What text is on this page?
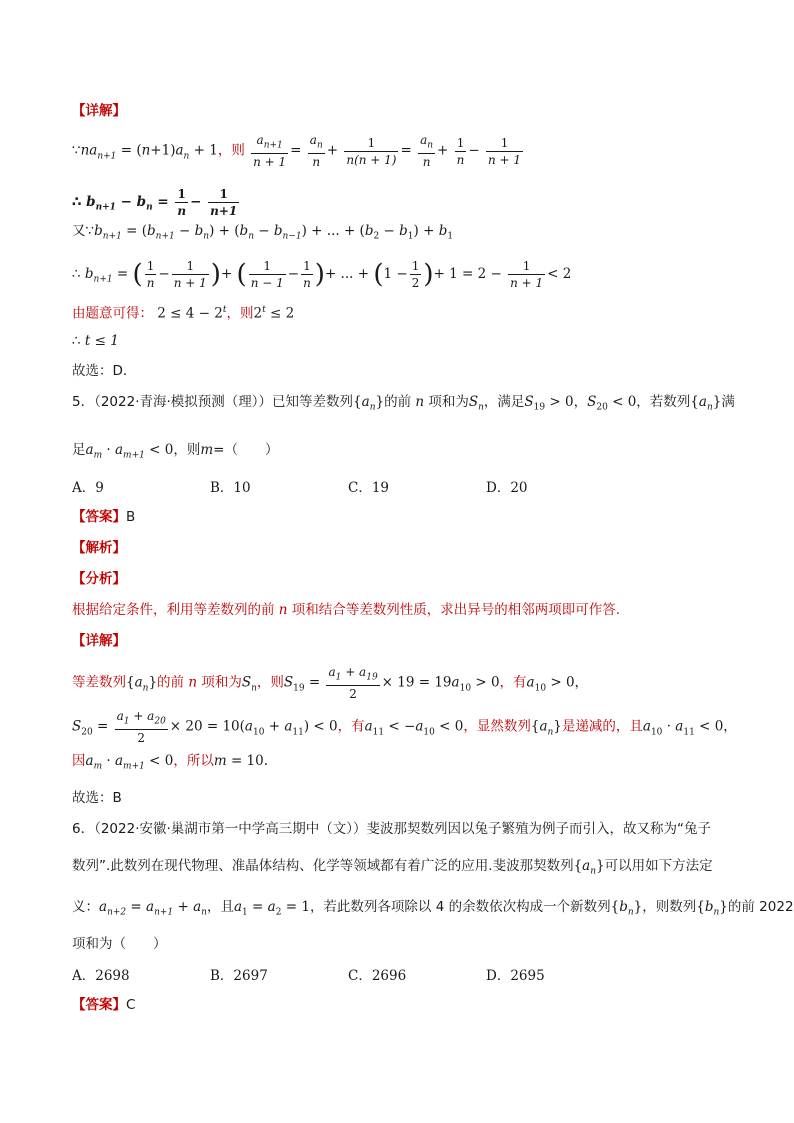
【详解】
$\because na_{n+1} = (n+1)a_n + 1$，则 $\frac{a_{n+1}}{n + 1} = \frac{a_n}{n} + \frac{1}{n(n + 1)} = \frac{a_n}{n} + \frac{1}{n} - \frac{1}{n + 1}$
∴ $b_{n+1} - b_n = \frac{1}{n} - \frac{1}{n+1}$
又$\because b_{n+1} = (b_{n+1} - b_n) + (b_n - b_{n-1})$ + ... + $(b_2 - b_1) + b_1$
∴ $b_{n+1}$ = ( $\frac{1}{n} - \frac{1}{n + 1}$ )+ ( $\frac{1}{n - 1} - \frac{1}{n}$ )+ ... + ($1 - \frac{1}{2}$ )+ $1 = 2 - \frac{1}{n + 1} < 2$
由题意可得： $2 \le 4 - 2^t$，则$2^t \le 2$
∴ t ≤ 1
故选：D．
5．（2022·青海·模拟预测（理））已知等差数列$\{a_n\}$的前 n 项和为$S_n$，满足$S_{19} > 0$，$S_{20} < 0$，若数列$\{a_n\}$满
足$a_m \cdot a_{m+1} < 0$，则m=（　　）
A．9	B．10	C．19	D．20
【答案】B
【解析】
【分析】
根据给定条件，利用等差数列的前 n 项和结合等差数列性质，求出异号的相邻两项即可作答.
【详解】
等差数列$\{a_n\}$的前 n 项和为$S_n$，则$S_{19} = \frac{a_1 + a_{19}}{2} \times 19 = 19a_{10} > 0$，有$a_{10} > 0$，
$S_{20} = \frac{a_1 + a_{20}}{2} \times 20 = 10(a_{10} + a_{11}) < 0$，有$a_{11} < -a_{10} < 0$，显然数列$\{a_n\}$是递减的，且$a_{10} \cdot a_{11} < 0$，
因$a_m \cdot a_{m+1} < 0$，所以m = 10.
故选：B
6．（2022·安徽·巢湖市第一中学高三期中（文））斐波那契数列因以兔子繁殖为例子而引入，故又称为“兔子
数列”.此数列在现代物理、准晶体结构、化学等领域都有着广泛的应用.斐波那契数列$\{a_n\}$可以用如下方法定
义：$a_{n+2} = a_{n+1} + a_n$，且$a_1 = a_2 = 1$，若此数列各项除以 4 的余数依次构成一个新数列$\{b_n\}$，则数列$\{b_n\}$的前 2022
项和为（　　）
A．2698	B．2697	C．2696	D．2695
【答案】C
